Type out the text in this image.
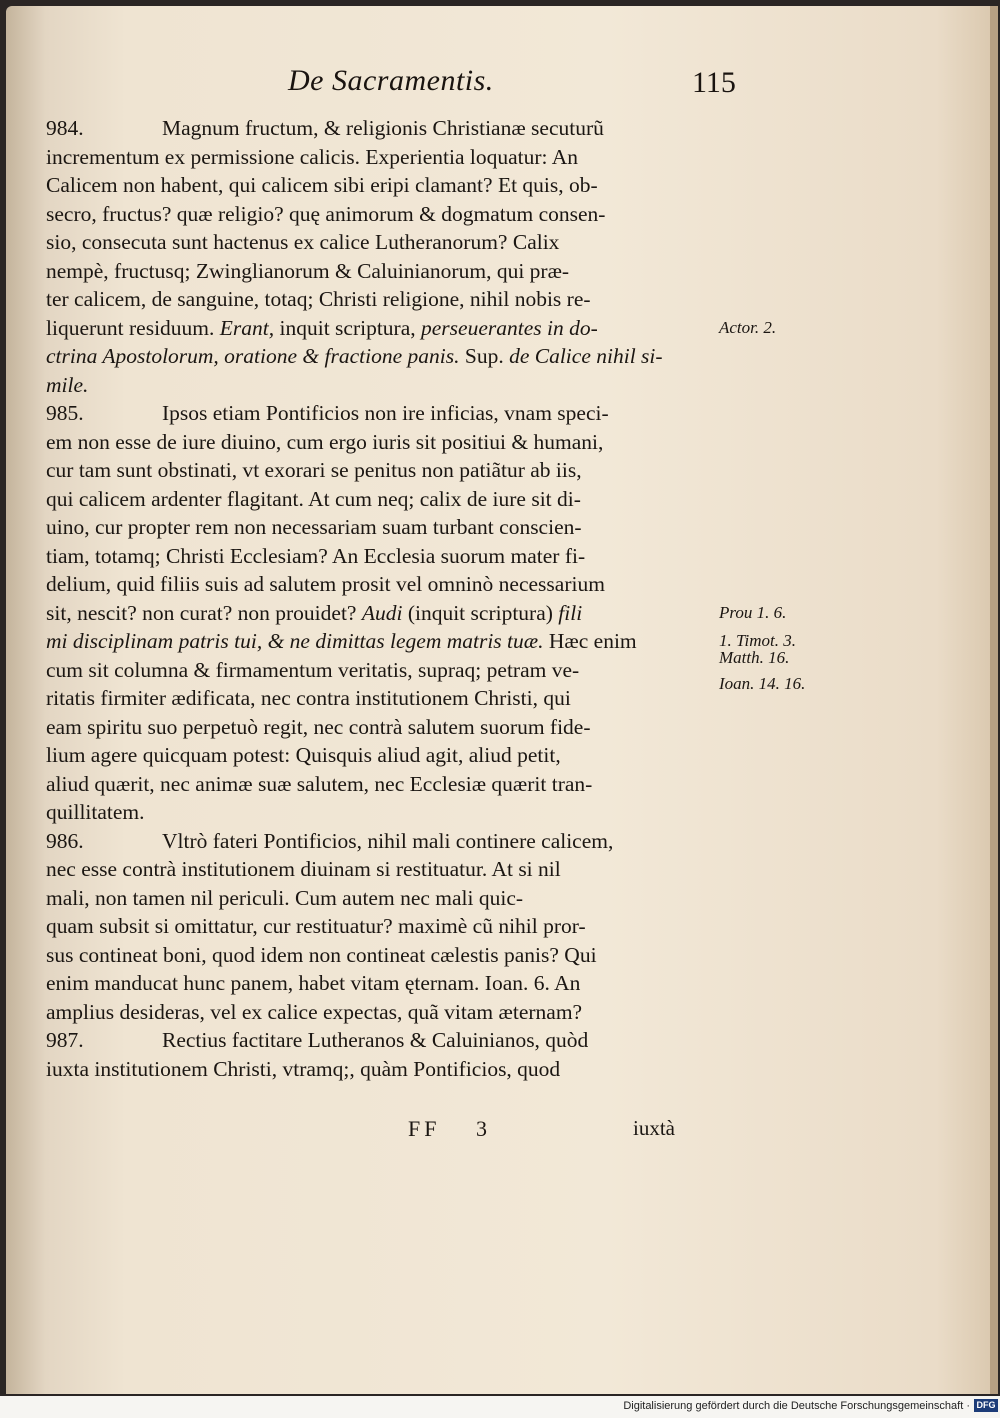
De Sacramentis.	115
984.	Magnum fructum, & religionis Christianæ secuturũ
incrementum ex permissione calicis. Experientia loquatur: An
Calicem non habent, qui calicem sibi eripi clamant? Et quis, ob-
secro, fructus? quæ religio? quę animorum & dogmatum consen-
sio, consecuta sunt hactenus ex calice Lutheranorum? Calix
nempè, fructusq; Zwinglianorum & Caluinianorum, qui præ-
ter calicem, de sanguine, totaq; Christi religione, nihil nobis re-
liquerunt residuum. Erant, inquit scriptura, perseuerantes in do-
ctrina Apostolorum, oratione & fractione panis. Sup. de Calice nihil si-
mile.
985.	Ipsos etiam Pontificios non ire inficias, vnam speci-
em non esse de iure diuino, cum ergo iuris sit positiui & humani,
cur tam sunt obstinati, vt exorari se penitus non patiãtur ab iis,
qui calicem ardenter flagitant. At cum neq; calix de iure sit di-
uino, cur propter rem non necessariam suam turbant conscien-
tiam, totamq; Christi Ecclesiam? An Ecclesia suorum mater fi-
delium, quid filiis suis ad salutem prosit vel omninò necessarium
sit, nescit? non curat? non prouidet? Audi (inquit scriptura) fili
mi disciplinam patris tui, & ne dimittas legem matris tuæ. Hæc enim
cum sit columna & firmamentum veritatis, supraq; petram ve-
ritatis firmiter ædificata, nec contra institutionem Christi, qui
eam spiritu suo perpetuò regit, nec contrà salutem suorum fide-
lium agere quicquam potest: Quisquis aliud agit, aliud petit,
aliud quærit, nec animæ suæ salutem, nec Ecclesiæ quærit tran-
quillitatem.
986.	Vltrò fateri Pontificios, nihil mali continere calicem,
nec esse contrà institutionem diuinam si restituatur. At si nil
mali, non tamen nil periculi. Cum autem nec mali quic-
quam subsit si omittatur, cur restituatur? maximè cũ nihil pror-
sus contineat boni, quod idem non contineat cælestis panis? Qui
enim manducat hunc panem, habet vitam ęternam. Ioan. 6. An
amplius desideras, vel ex calice expectas, quã vitam æternam?
987.	Rectius factitare Lutheranos & Caluinianos, quòd
iuxta institutionem Christi, vtramq;, quàm Pontificios, quod
Actor. 2.
Prou 1. 6.
1. Timot. 3.
Matth. 16.
Ioan. 14. 16.
FF 3	iuxtà
Digitalisierung gefördert durch die Deutsche Forschungsgemeinschaft · DFG
